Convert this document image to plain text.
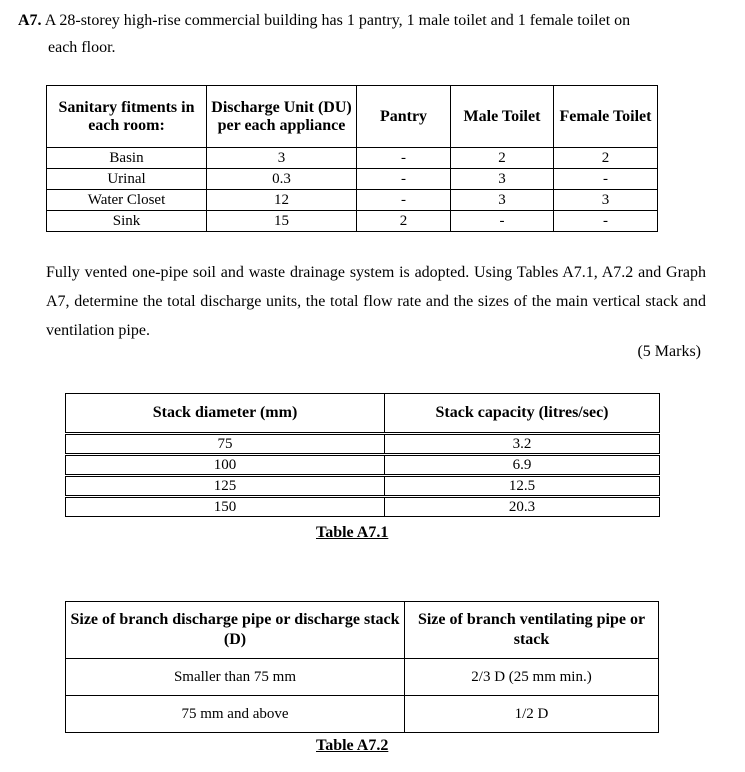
A7. A 28-storey high-rise commercial building has 1 pantry, 1 male toilet and 1 female toilet on
each floor.
Sanitary fitments in each room:	Discharge Unit (DU) per each appliance	Pantry	Male Toilet	Female Toilet
Basin	3	-	2	2
Urinal	0.3	-	3	-
Water Closet	12	-	3	3
Sink	15	2	-	-
Fully vented one-pipe soil and waste drainage system is adopted. Using Tables A7.1, A7.2 and Graph A7, determine the total discharge units, the total flow rate and the sizes of the main vertical stack and ventilation pipe.
(5 Marks)
Stack diameter (mm)	Stack capacity (litres/sec)
75	3.2
100	6.9
125	12.5
150	20.3
Table A7.1
Size of branch discharge pipe or discharge stack (D)	Size of branch ventilating pipe or stack
Smaller than 75 mm	2/3 D (25 mm min.)
75 mm and above	1/2 D
Table A7.2
